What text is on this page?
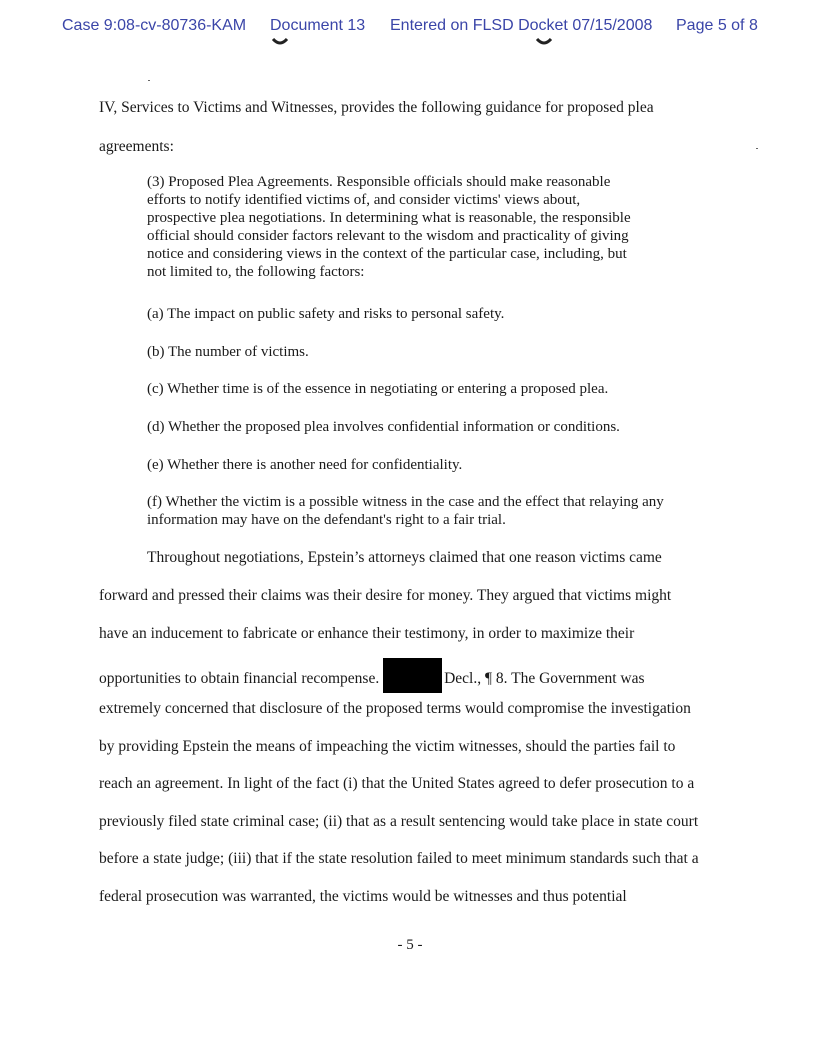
Case 9:08-cv-80736-KAM Document 13 Entered on FLSD Docket 07/15/2008 Page 5 of 8
IV, Services to Victims and Witnesses, provides the following guidance for proposed plea
agreements:
(3) Proposed Plea Agreements. Responsible officials should make reasonable
efforts to notify identified victims of, and consider victims' views about,
prospective plea negotiations. In determining what is reasonable, the responsible
official should consider factors relevant to the wisdom and practicality of giving
notice and considering views in the context of the particular case, including, but
not limited to, the following factors:
(a) The impact on public safety and risks to personal safety.
(b) The number of victims.
(c) Whether time is of the essence in negotiating or entering a proposed plea.
(d) Whether the proposed plea involves confidential information or conditions.
(e) Whether there is another need for confidentiality.
(f) Whether the victim is a possible witness in the case and the effect that relaying any
information may have on the defendant's right to a fair trial.
Throughout negotiations, Epstein’s attorneys claimed that one reason victims came
forward and pressed their claims was their desire for money. They argued that victims might
have an inducement to fabricate or enhance their testimony, in order to maximize their
opportunities to obtain financial recompense.	Decl., ¶ 8. The Government was
extremely concerned that disclosure of the proposed terms would compromise the investigation
by providing Epstein the means of impeaching the victim witnesses, should the parties fail to
reach an agreement. In light of the fact (i) that the United States agreed to defer prosecution to a
previously filed state criminal case; (ii) that as a result sentencing would take place in state court
before a state judge; (iii) that if the state resolution failed to meet minimum standards such that a
federal prosecution was warranted, the victims would be witnesses and thus potential
- 5 -
